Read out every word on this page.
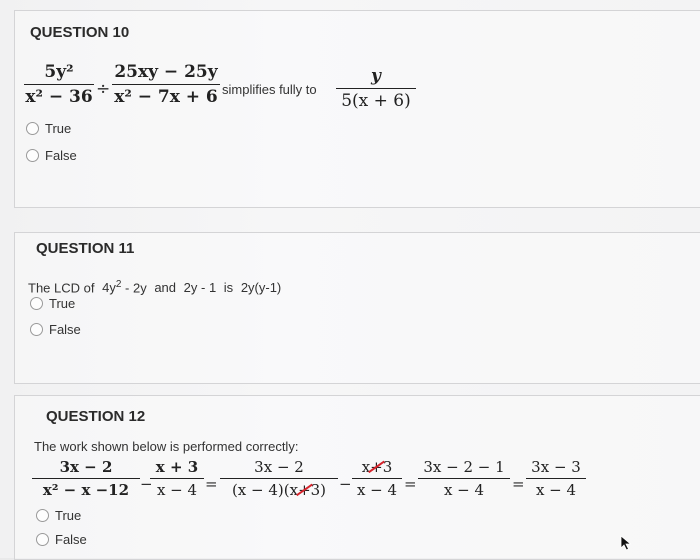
QUESTION 10
5y²
x² − 36 ÷
25xy − 25y
x² − 7x + 6 simplifies fully to
y
5(x + 6)
True
False
QUESTION 11
The LCD of $4y^2 - 2y$ and 2y - 1 is 2y(y-1)
True
False
QUESTION 12
The work shown below is performed correctly:
3x − 2
x² − x −12 −
x + 3
x − 4 =
3x − 2
(x − 4)(x+3) −
x+3
x − 4 =
3x − 2 − 1
x − 4	=
3x − 3
x − 4
True
False
